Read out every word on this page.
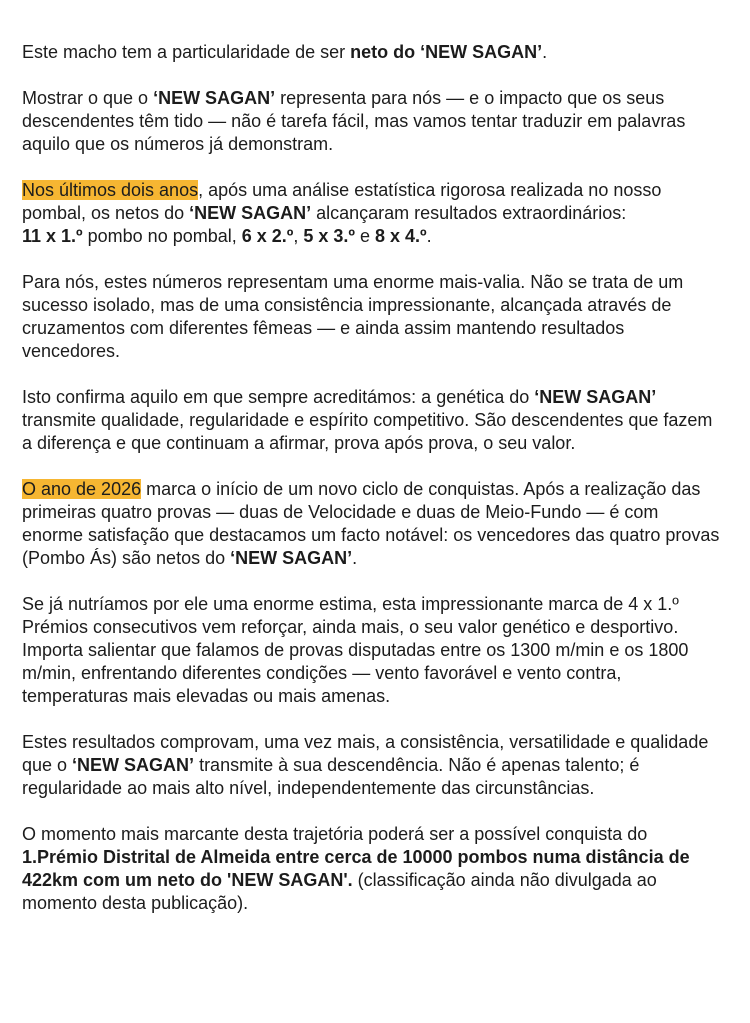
Este macho tem a particularidade de ser neto do ‘NEW SAGAN’.

Mostrar o que o ‘NEW SAGAN’ representa para nós — e o impacto que os seus descendentes têm tido — não é tarefa fácil, mas vamos tentar traduzir em palavras aquilo que os números já demonstram.

Nos últimos dois anos, após uma análise estatística rigorosa realizada no nosso pombal, os netos do ‘NEW SAGAN’ alcançaram resultados extraordinários:
11 x 1.º pombo no pombal, 6 x 2.º, 5 x 3.º e 8 x 4.º.

Para nós, estes números representam uma enorme mais-valia. Não se trata de um sucesso isolado, mas de uma consistência impressionante, alcançada através de cruzamentos com diferentes fêmeas — e ainda assim mantendo resultados vencedores.

Isto confirma aquilo em que sempre acreditámos: a genética do ‘NEW SAGAN’ transmite qualidade, regularidade e espírito competitivo. São descendentes que fazem a diferença e que continuam a afirmar, prova após prova, o seu valor.

O ano de 2026 marca o início de um novo ciclo de conquistas. Após a realização das primeiras quatro provas — duas de Velocidade e duas de Meio-Fundo — é com enorme satisfação que destacamos um facto notável: os vencedores das quatro provas (Pombo Ás) são netos do ‘NEW SAGAN’.

Se já nutríamos por ele uma enorme estima, esta impressionante marca de 4 x 1.º Prémios consecutivos vem reforçar, ainda mais, o seu valor genético e desportivo. Importa salientar que falamos de provas disputadas entre os 1300 m/min e os 1800 m/min, enfrentando diferentes condições — vento favorável e vento contra, temperaturas mais elevadas ou mais amenas.

Estes resultados comprovam, uma vez mais, a consistência, versatilidade e qualidade que o ‘NEW SAGAN’ transmite à sua descendência. Não é apenas talento; é regularidade ao mais alto nível, independentemente das circunstâncias.

O momento mais marcante desta trajetória poderá ser a possível conquista do 1.Prémio Distrital de Almeida entre cerca de 10000 pombos numa distância de 422km com um neto do 'NEW SAGAN'. (classificação ainda não divulgada ao momento desta publicação).
